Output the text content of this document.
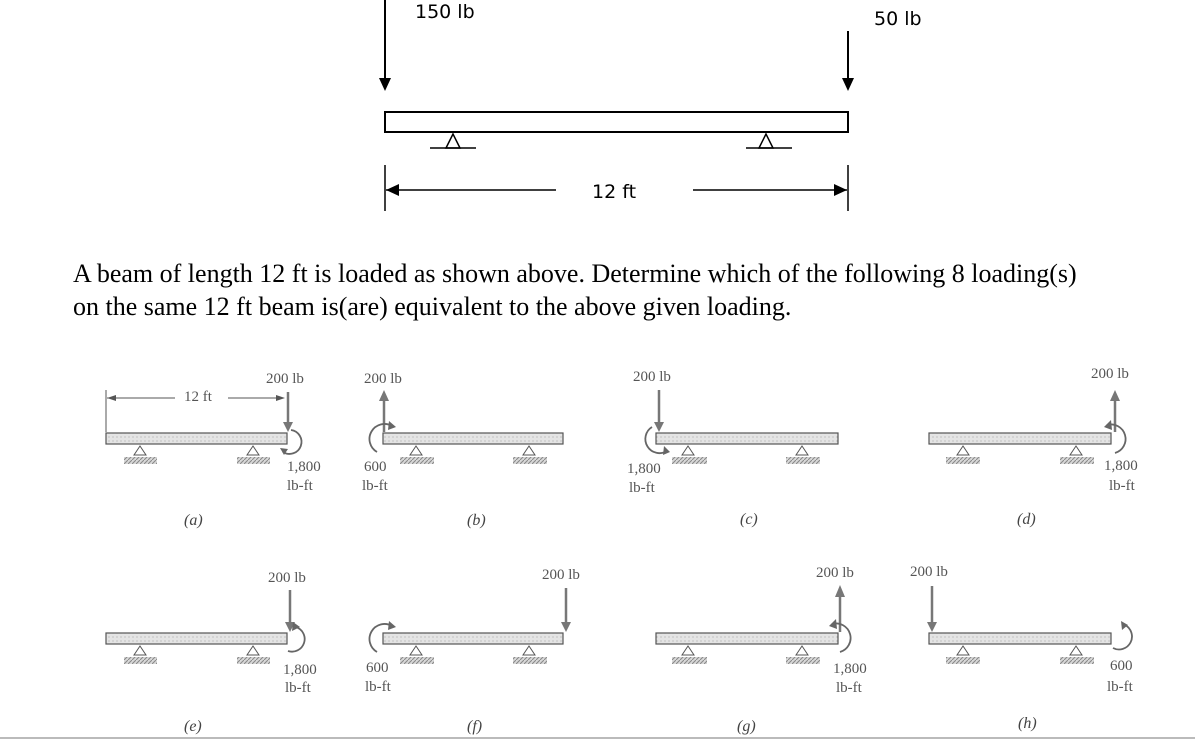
150 lb	50 lb
12 ft
A beam of length 12 ft is loaded as shown above. Determine which of the following 8 loading(s)
on the same 12 ft beam is(are) equivalent to the above given loading.
12 ft
200 lb
1,800
lb-ft
(a)
200 lb
600
lb-ft
(b)
200 lb
1,800
lb-ft
(c)
200 lb
1,800
lb-ft
(d)
200 lb
1,800
lb-ft
(e)
200 lb
600
lb-ft
(f)
200 lb
1,800
lb-ft
(g)
200 lb
600
lb-ft
(h)
